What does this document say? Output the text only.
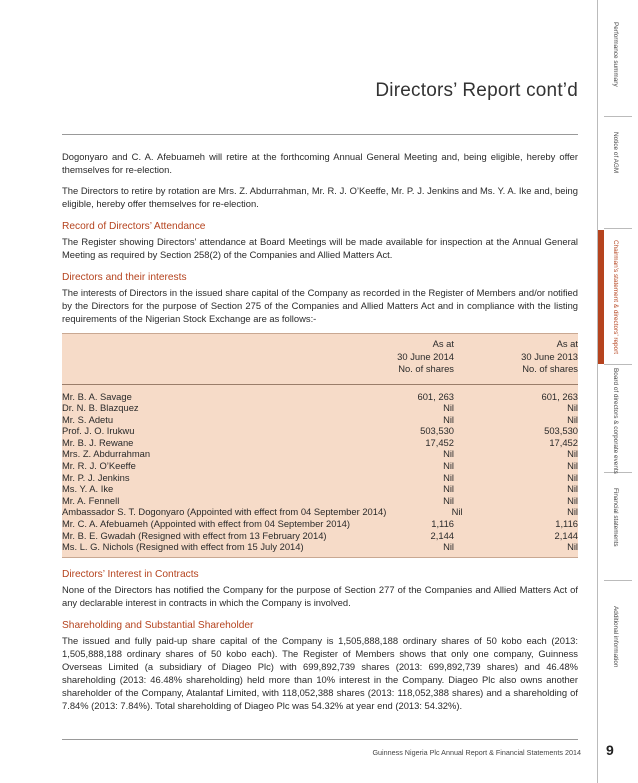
Directors’ Report cont’d

Dogonyaro and C. A. Afebuameh will retire at the forthcoming Annual General Meeting and, being eligible, hereby offer themselves for re-election.

The Directors to retire by rotation are Mrs. Z. Abdurrahman, Mr. R. J. O’Keeffe, Mr. P. J. Jenkins and Ms. Y. A. Ike and, being eligible, hereby offer themselves for re-election.

Record of Directors’ Attendance

The Register showing Directors’ attendance at Board Meetings will be made available for inspection at the Annual General Meeting as required by Section 258(2) of the Companies and Allied Matters Act.

Directors and their interests

The interests of Directors in the issued share capital of the Company as recorded in the Register of Members and/or notified by the Directors for the purpose of Section 275 of the Companies and Allied Matters Act and in compliance with the listing requirements of the Nigerian Stock Exchange are as follows:-

As at
30 June 2014
No. of shares
As at
30 June 2013
No. of shares
Mr. B. A. Savage	601, 263	601, 263
Dr. N. B. Blazquez	Nil	Nil
Mr. S. Adetu	Nil	Nil
Prof. J. O. Irukwu	503,530	503,530
Mr. B. J. Rewane	17,452	17,452
Mrs. Z. Abdurrahman	Nil	Nil
Mr. R. J. O’Keeffe	Nil	Nil
Mr. P. J. Jenkins	Nil	Nil
Ms. Y. A. Ike	Nil	Nil
Mr. A. Fennell	Nil	Nil
Ambassador S. T. Dogonyaro (Appointed with effect from 04 September 2014)	Nil	Nil
Mr. C. A. Afebuameh (Appointed with effect from 04 September 2014)	1,116	1,116
Mr. B. E. Gwadah (Resigned with effect from 13 February 2014)	2,144	2,144
Ms. L. G. Nichols (Resigned with effect from 15 July 2014)	Nil	Nil
Directors’ Interest in Contracts

None of the Directors has notified the Company for the purpose of Section 277 of the Companies and Allied Matters Act of any declarable interest in contracts in which the Company is involved.

Shareholding and Substantial Shareholder

The issued and fully paid-up share capital of the Company is 1,505,888,188 ordinary shares of 50 kobo each (2013: 1,505,888,188 ordinary shares of 50 kobo each). The Register of Members shows that only one company, Guinness Overseas Limited (a subsidiary of Diageo Plc) with 699,892,739 shares (2013: 699,892,739 shares) and 46.48% shareholding (2013: 46.48% shareholding) held more than 10% interest in the Company. Diageo Plc also owns another shareholder of the Company, Atalantaf Limited, with 118,052,388 shares (2013: 118,052,388 shares) and a shareholding of 7.84% (2013: 7.84%). Total shareholding of Diageo Plc was 54.32% at year end (2013: 54.32%).

Guinness Nigeria Plc Annual Report & Financial Statements 2014 9
Performance summary
Notice of AGM
Chairman’s statement & directors’ report
Board of directors & corporate events
Financial statements
Additional information
